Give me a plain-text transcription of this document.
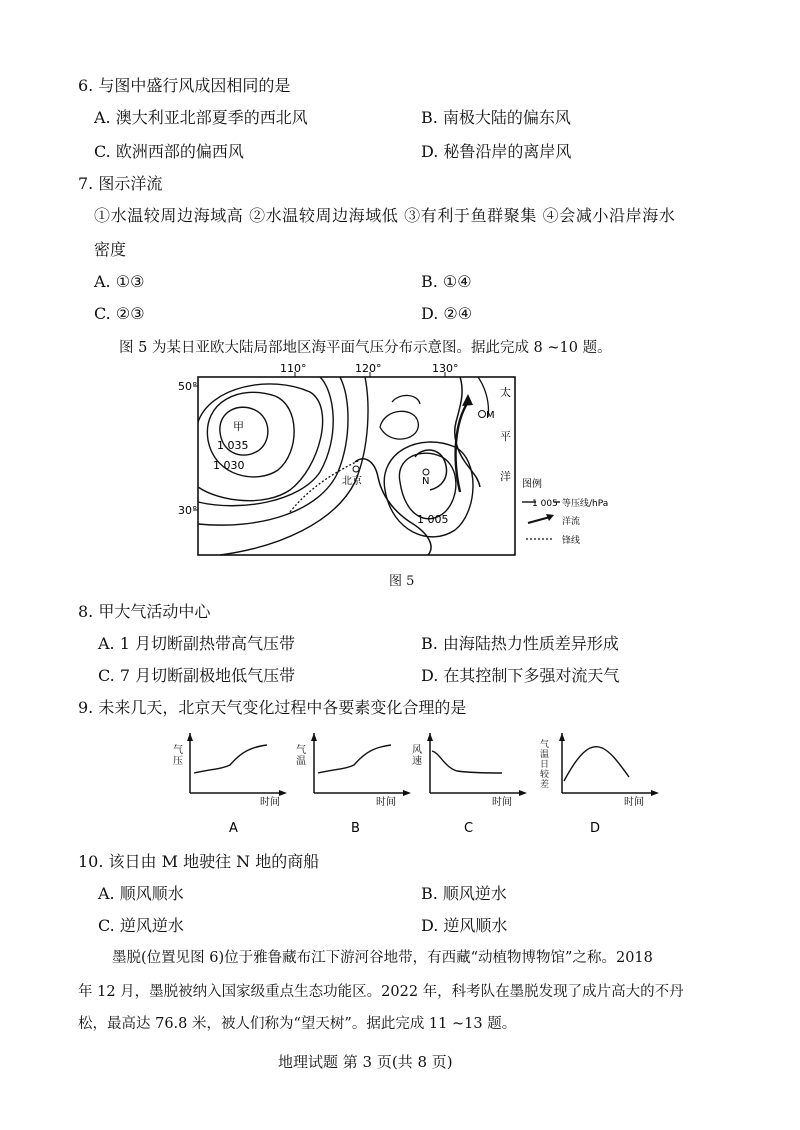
6. 与图中盛行风成因相同的是
A. 澳大利亚北部夏季的西北风	B. 南极大陆的偏东风
C. 欧洲西部的偏西风	D. 秘鲁沿岸的离岸风
7. 图示洋流
①水温较周边海域高 ②水温较周边海域低 ③有利于鱼群聚集 ④会减小沿岸海水
密度
A. ①③	B. ①④
C. ②③	D. ②④
图 5 为某日亚欧大陆局部地区海平面气压分布示意图。据此完成 8 ~10 题。
110°	120°	130°
50°
30°
甲
1 035
1 030
1 005
北京
M
N
太
平
洋
图例
1 005 等压线/hPa
洋流
锋线
图 5
8. 甲大气活动中心
A. 1 月切断副热带高气压带	B. 由海陆热力性质差异形成
C. 7 月切断副极地低气压带	D. 在其控制下多强对流天气
9. 未来几天，北京天气变化过程中各要素变化合理的是
时间
A
气压
时间
B
气温
时间
C
风速
时间
D
气温日较差
10. 该日由 M 地驶往 N 地的商船
A. 顺风顺水	B. 顺风逆水
C. 逆风逆水	D. 逆风顺水
墨脱(位置见图 6)位于雅鲁藏布江下游河谷地带，有西藏“动植物博物馆”之称。2018
年 12 月，墨脱被纳入国家级重点生态功能区。2022 年，科考队在墨脱发现了成片高大的不丹
松，最高达 76.8 米，被人们称为“望天树”。据此完成 11 ~13 题。
地理试题 第 3 页(共 8 页)
